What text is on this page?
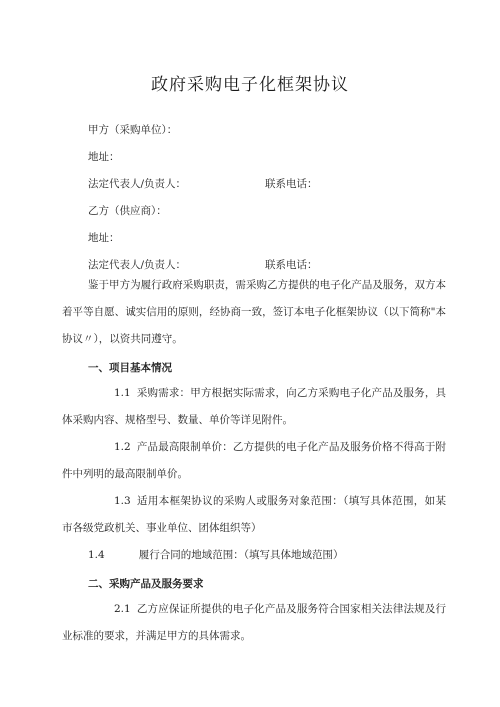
政府采购电子化框架协议
甲方（采购单位）：
地址：
法定代表人/负责人：	联系电话：
乙方（供应商）：
地址：
法定代表人/负责人：	联系电话：

鉴于甲方为履行政府采购职责，需采购乙方提供的电子化产品及服务，双方本着平等自愿、诚实信用的原则，经协商一致，签订本电子化框架协议（以下简称"本协议〃），以资共同遵守。

一、项目基本情况

1.1 采购需求：甲方根据实际需求，向乙方采购电子化产品及服务，具体采购内容、规格型号、数量、单价等详见附件。

1.2 产品最高限制单价：乙方提供的电子化产品及服务价格不得高于附件中列明的最高限制单价。

1.3 适用本框架协议的采购人或服务对象范围：（填写具体范围，如某市各级党政机关、事业单位、团体组织等）

1.4	履行合同的地域范围：（填写具体地域范围）

二、采购产品及服务要求

2.1 乙方应保证所提供的电子化产品及服务符合国家相关法律法规及行业标准的要求，并满足甲方的具体需求。
